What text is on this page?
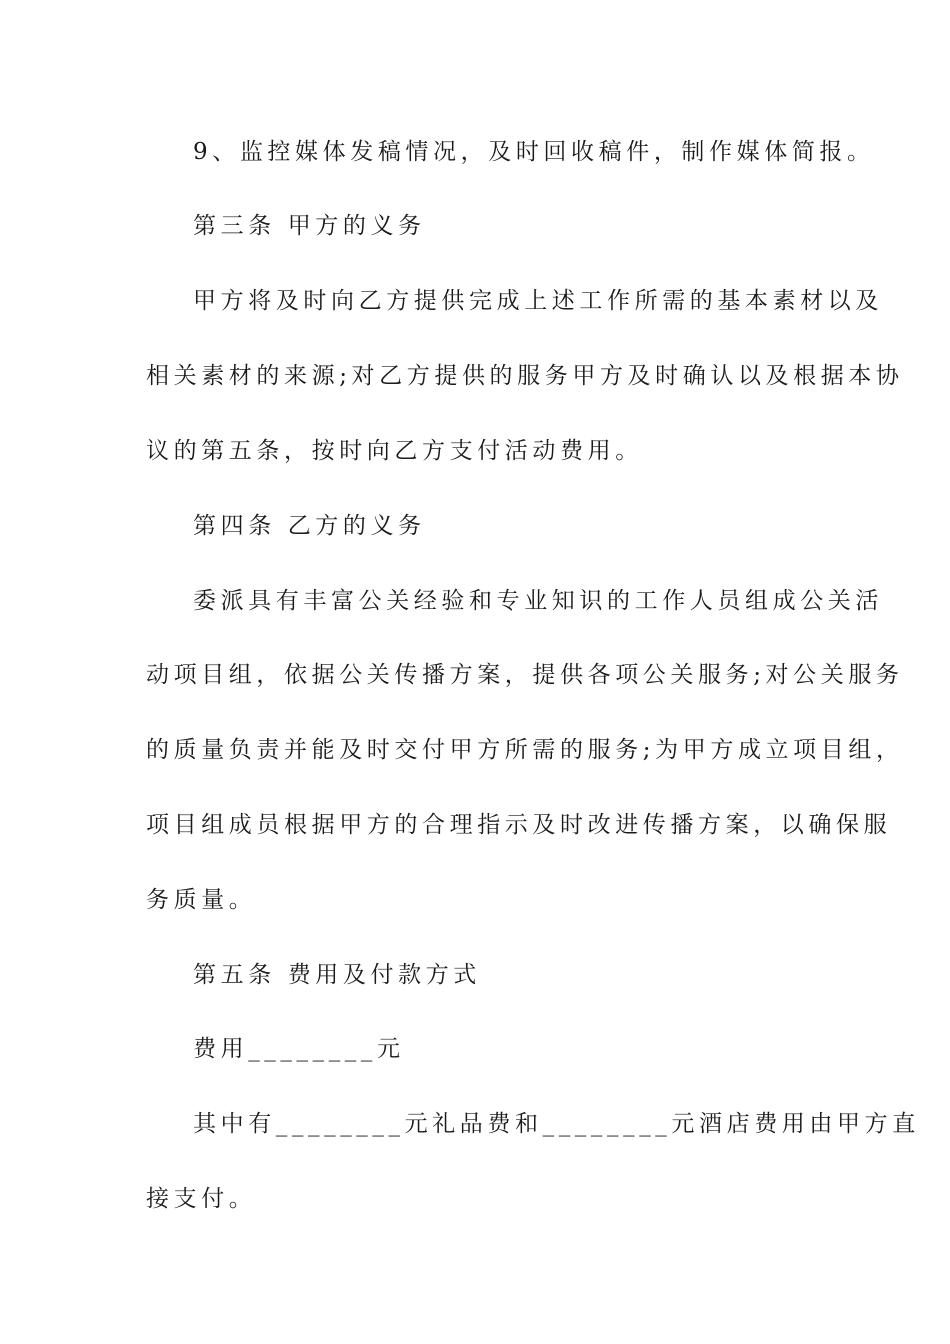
9、监控媒体发稿情况，及时回收稿件，制作媒体简报。
第三条 甲方的义务
甲方将及时向乙方提供完成上述工作所需的基本素材以及
相关素材的来源;对乙方提供的服务甲方及时确认以及根据本协
议的第五条，按时向乙方支付活动费用。
第四条 乙方的义务
委派具有丰富公关经验和专业知识的工作人员组成公关活
动项目组，依据公关传播方案，提供各项公关服务;对公关服务
的质量负责并能及时交付甲方所需的服务;为甲方成立项目组，
项目组成员根据甲方的合理指示及时改进传播方案，以确保服
务质量。
第五条 费用及付款方式
费用________元
其中有________元礼品费和________元酒店费用由甲方直
接支付。
